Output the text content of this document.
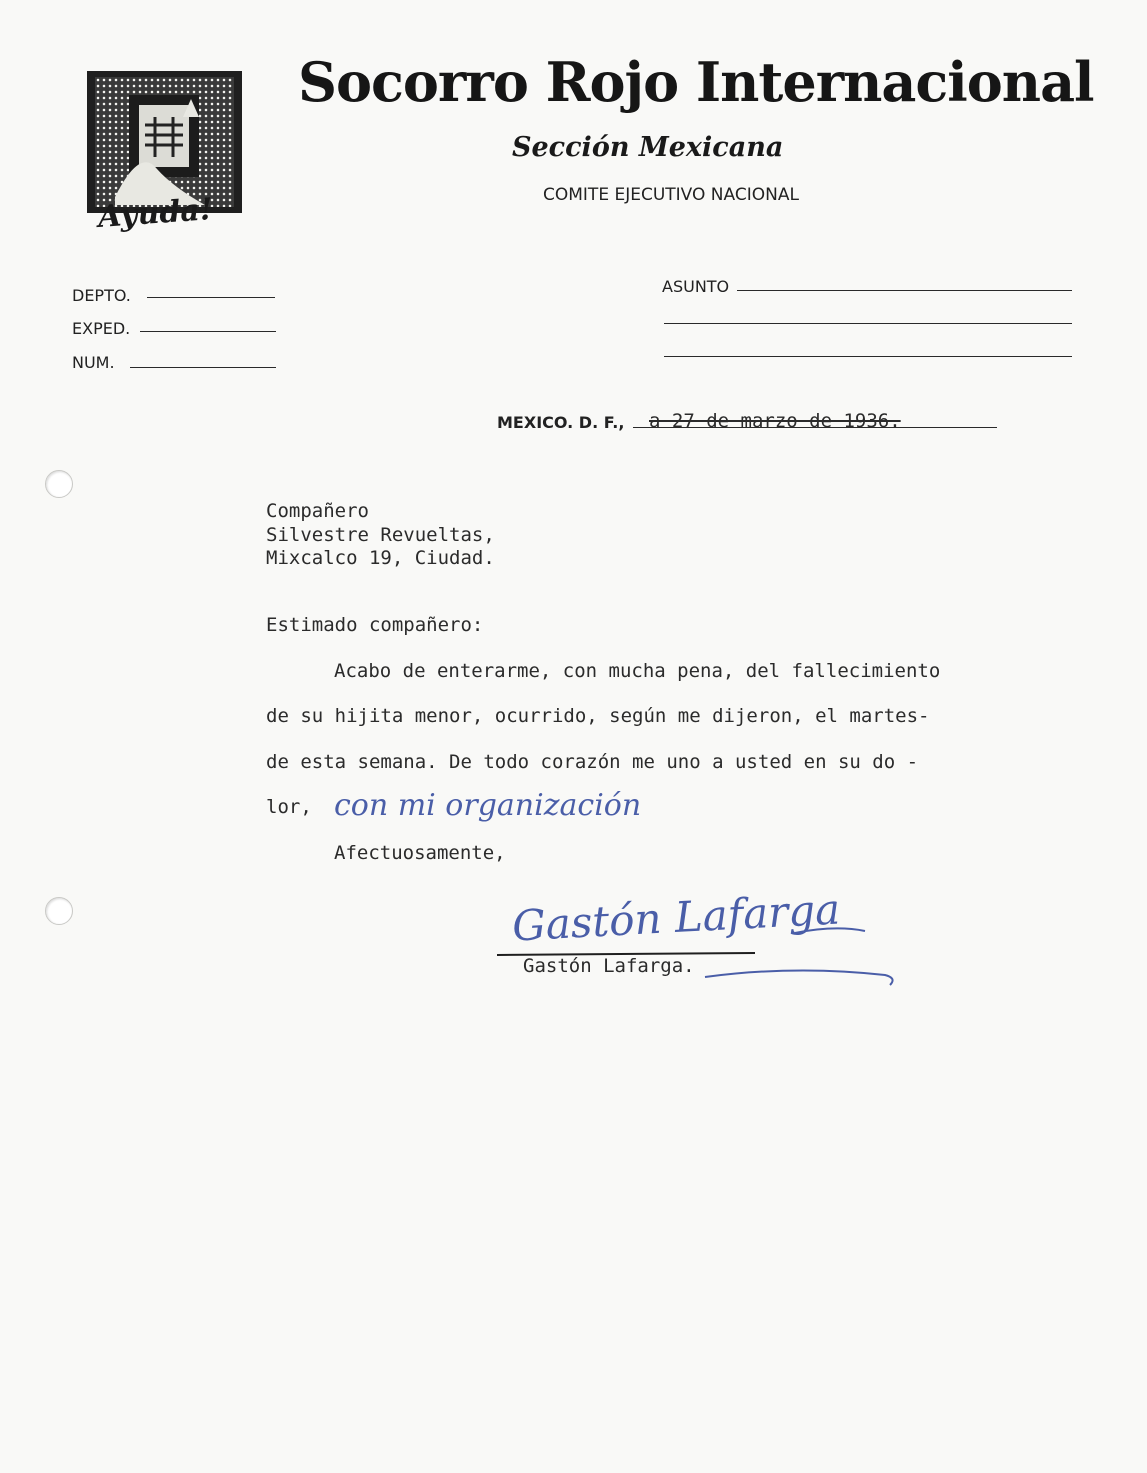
Ayuda!
Socorro Rojo Internacional
Sección Mexicana
COMITE EJECUTIVO NACIONAL
DEPTO.
EXPED.
NUM.
ASUNTO
MEXICO. D. F., a 27 de marzo de 1936.
Compañero
Silvestre Revueltas,
Mixcalco 19, Ciudad.
Estimado compañero:
Acabo de enterarme, con mucha pena, del fallecimiento
de su hijita menor, ocurrido, según me dijeron, el martes-
de esta semana. De todo corazón me uno a usted en su do -
lor, con mi organización
Afectuosamente,
Gastón Lafarga
Gastón Lafarga.
